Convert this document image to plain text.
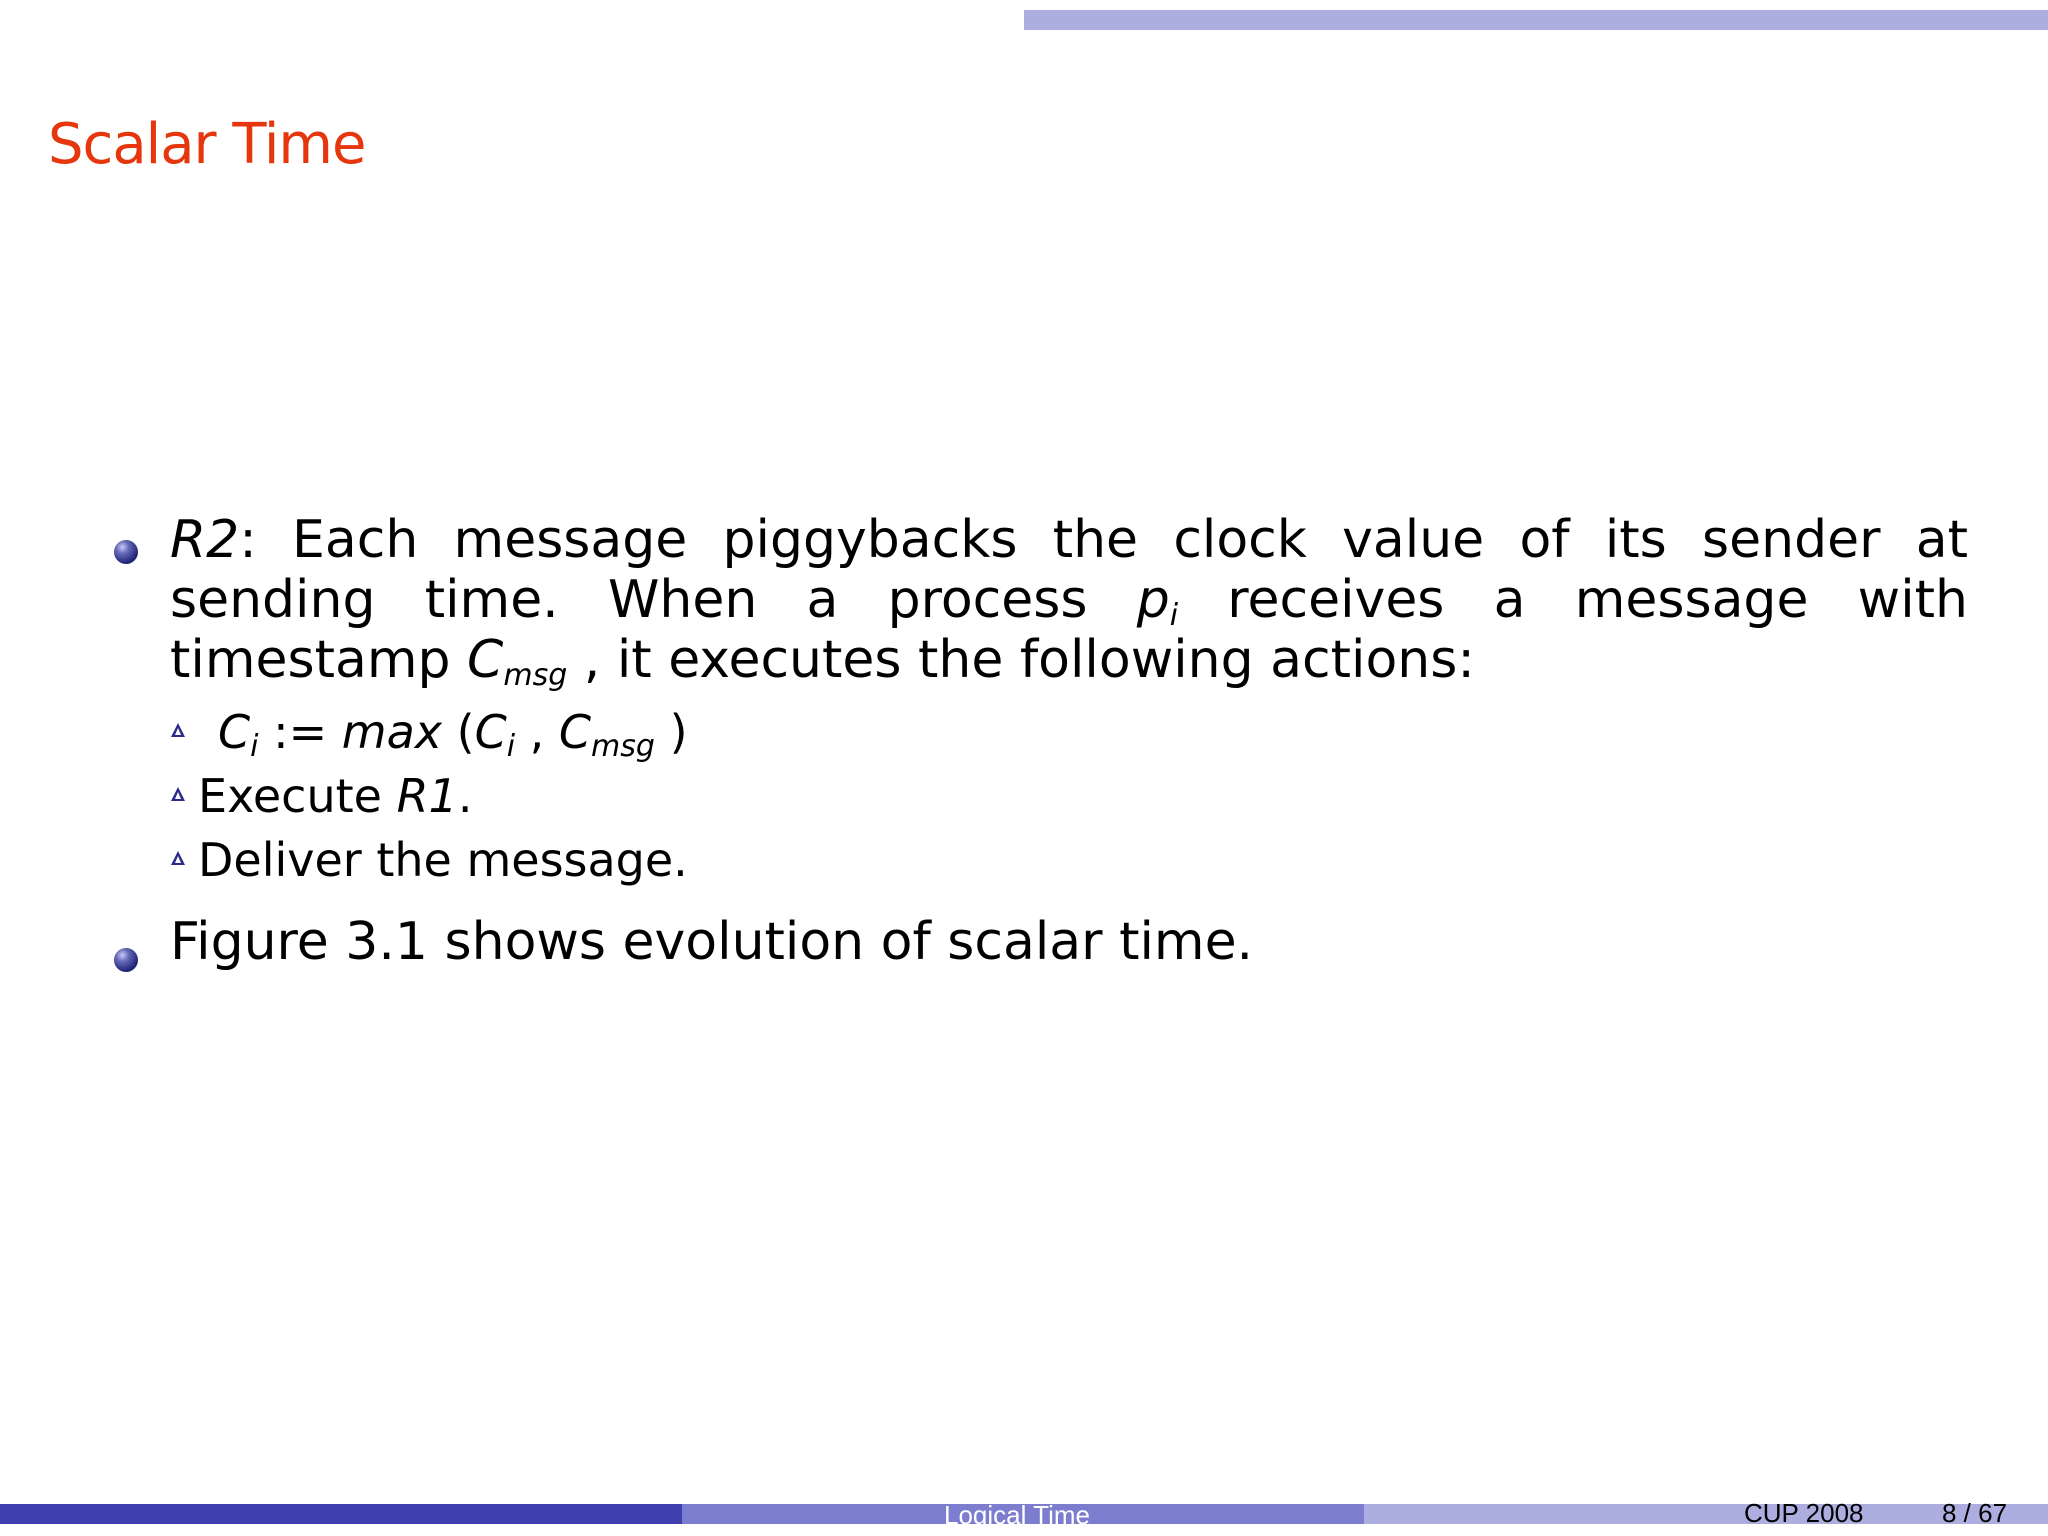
Scalar Time
R2: Each message piggybacks the clock value of its sender at sending time. When a process $p_i$ receives a message with timestamp $C_{msg}$ , it executes the following actions:
$C_i$ := $\max (C_i$ , $C_{msg}$ )
Execute R1.
Deliver the message.
Figure 3.1 shows evolution of scalar time.
Logical Time	CUP 2008	8 / 67
